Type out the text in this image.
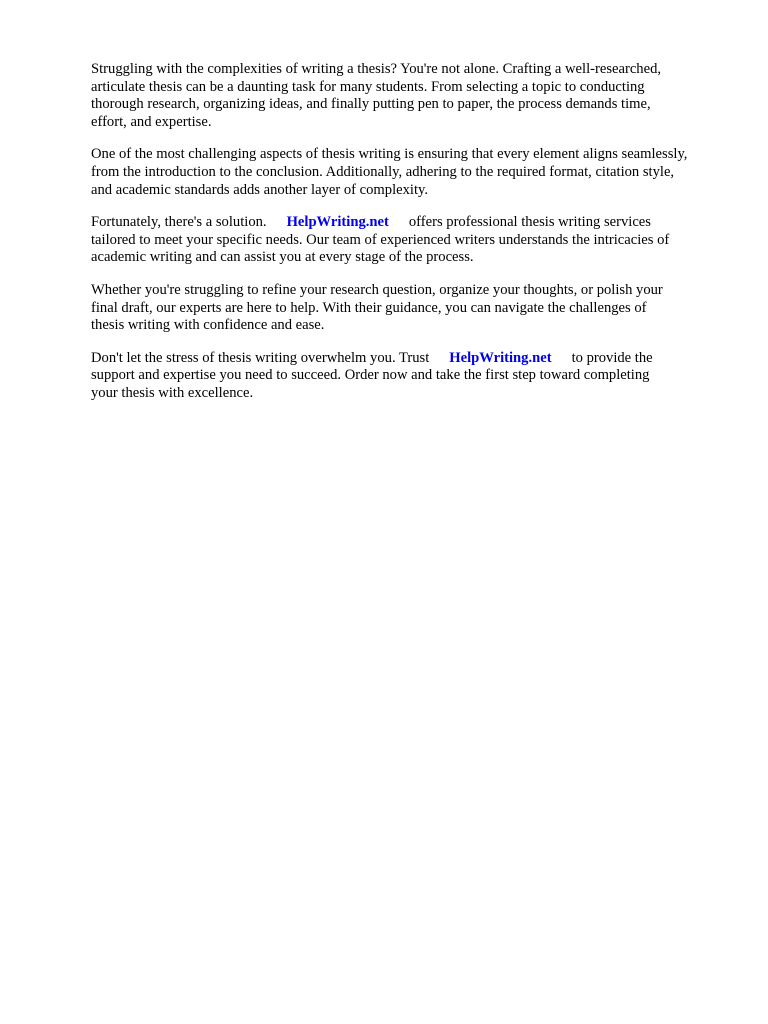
Struggling with the complexities of writing a thesis? You're not alone. Crafting a well-researched,
articulate thesis can be a daunting task for many students. From selecting a topic to conducting
thorough research, organizing ideas, and finally putting pen to paper, the process demands time,
effort, and expertise.

One of the most challenging aspects of thesis writing is ensuring that every element aligns seamlessly,
from the introduction to the conclusion. Additionally, adhering to the required format, citation style,
and academic standards adds another layer of complexity.

Fortunately, there's a solution. HelpWriting.net offers professional thesis writing services
tailored to meet your specific needs. Our team of experienced writers understands the intricacies of
academic writing and can assist you at every stage of the process.

Whether you're struggling to refine your research question, organize your thoughts, or polish your
final draft, our experts are here to help. With their guidance, you can navigate the challenges of
thesis writing with confidence and ease.

Don't let the stress of thesis writing overwhelm you. Trust HelpWriting.net to provide the
support and expertise you need to succeed. Order now and take the first step toward completing
your thesis with excellence.
